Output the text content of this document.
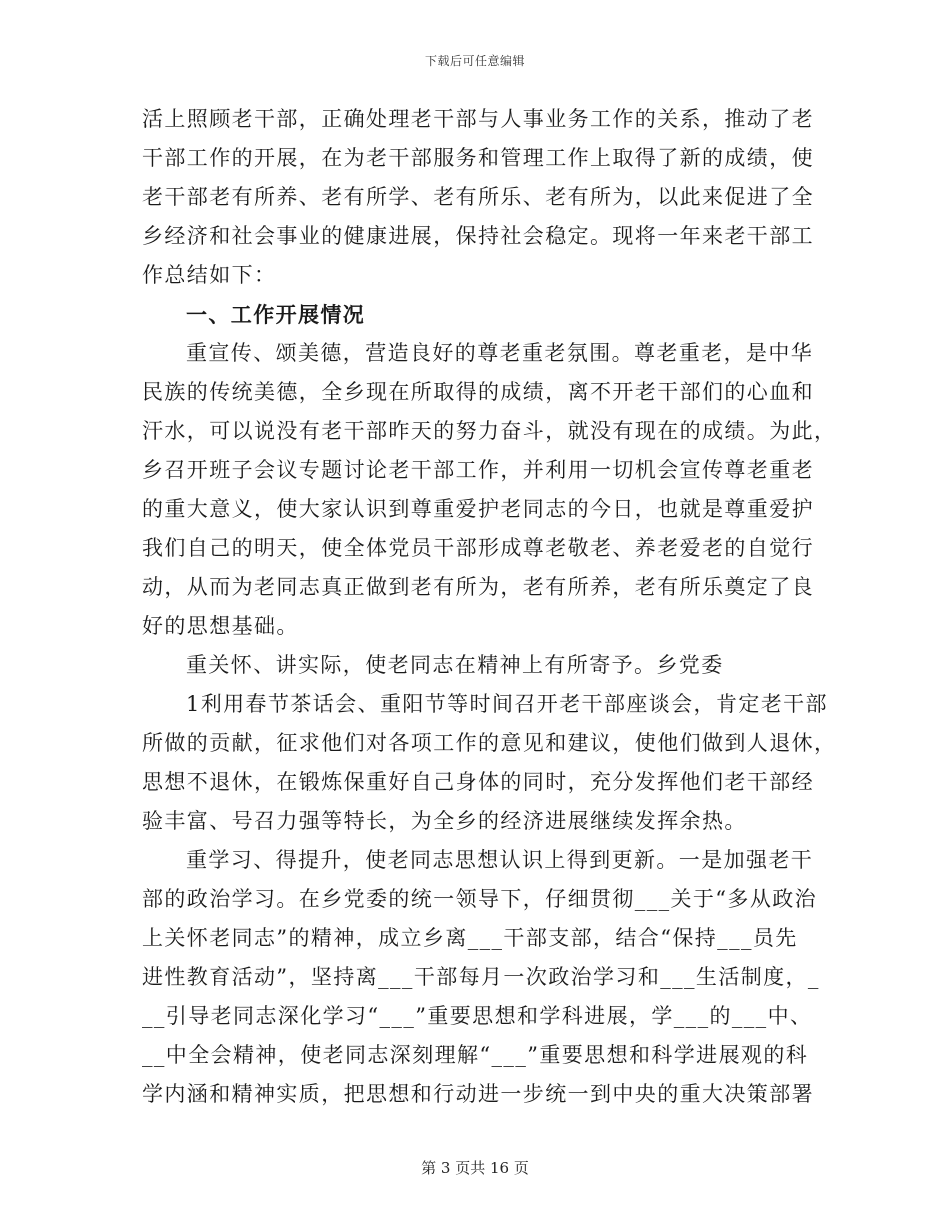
下载后可任意编辑
活上照顾老干部，正确处理老干部与人事业务工作的关系，推动了老
干部工作的开展，在为老干部服务和管理工作上取得了新的成绩，使
老干部老有所养、老有所学、老有所乐、老有所为，以此来促进了全
乡经济和社会事业的健康进展，保持社会稳定。现将一年来老干部工
作总结如下：
一、工作开展情况
重宣传、颂美德，营造良好的尊老重老氛围。尊老重老，是中华
民族的传统美德，全乡现在所取得的成绩，离不开老干部们的心血和
汗水，可以说没有老干部昨天的努力奋斗，就没有现在的成绩。为此，
乡召开班子会议专题讨论老干部工作，并利用一切机会宣传尊老重老
的重大意义，使大家认识到尊重爱护老同志的今日，也就是尊重爱护
我们自己的明天，使全体党员干部形成尊老敬老、养老爱老的自觉行
动，从而为老同志真正做到老有所为，老有所养，老有所乐奠定了良
好的思想基础。
重关怀、讲实际，使老同志在精神上有所寄予。乡党委
1利用春节茶话会、重阳节等时间召开老干部座谈会，肯定老干部
所做的贡献，征求他们对各项工作的意见和建议，使他们做到人退休，
思想不退休，在锻炼保重好自己身体的同时，充分发挥他们老干部经
验丰富、号召力强等特长，为全乡的经济进展继续发挥余热。
重学习、得提升，使老同志思想认识上得到更新。一是加强老干
部的政治学习。在乡党委的统一领导下，仔细贯彻___关于“多从政治
上关怀老同志”的精神，成立乡离___干部支部，结合“保持___员先
进性教育活动”，坚持离___干部每月一次政治学习和___生活制度，_
__引导老同志深化学习“___”重要思想和学科进展，学___的___中、
__中全会精神，使老同志深刻理解“___”重要思想和科学进展观的科
学内涵和精神实质，把思想和行动进一步统一到中央的重大决策部署
第 3 页共 16 页
